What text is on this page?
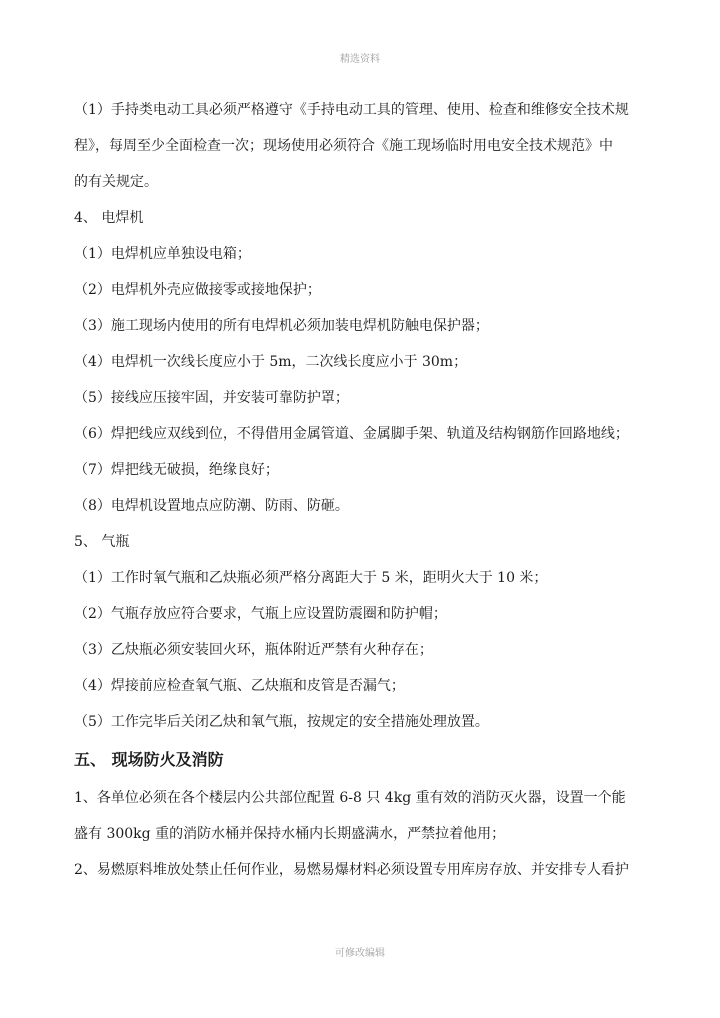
精选资料
（1）手持类电动工具必须严格遵守《手持电动工具的管理、使用、检查和维修安全技术规
程》，每周至少全面检查一次；现场使用必须符合《施工现场临时用电安全技术规范》中
的有关规定。
4、 电焊机
（1）电焊机应单独设电箱；
（2）电焊机外壳应做接零或接地保护；
（3）施工现场内使用的所有电焊机必须加装电焊机防触电保护器；
（4）电焊机一次线长度应小于 5m，二次线长度应小于 30m；
（5）接线应压接牢固，并安装可靠防护罩；
（6）焊把线应双线到位，不得借用金属管道、金属脚手架、轨道及结构钢筋作回路地线；
（7）焊把线无破损，绝缘良好；
（8）电焊机设置地点应防潮、防雨、防砸。
5、 气瓶
（1）工作时氧气瓶和乙炔瓶必须严格分离距大于 5 米，距明火大于 10 米；
（2）气瓶存放应符合要求，气瓶上应设置防震圈和防护帽；
（3）乙炔瓶必须安装回火环，瓶体附近严禁有火种存在；
（4）焊接前应检查氧气瓶、乙炔瓶和皮管是否漏气；
（5）工作完毕后关闭乙炔和氧气瓶，按规定的安全措施处理放置。
五、 现场防火及消防
1、各单位必须在各个楼层内公共部位配置 6-8 只 4kg 重有效的消防灭火器，设置一个能
盛有 300kg 重的消防水桶并保持水桶内长期盛满水，严禁拉着他用；
2、易燃原料堆放处禁止任何作业，易燃易爆材料必须设置专用库房存放、并安排专人看护
可修改编辑
